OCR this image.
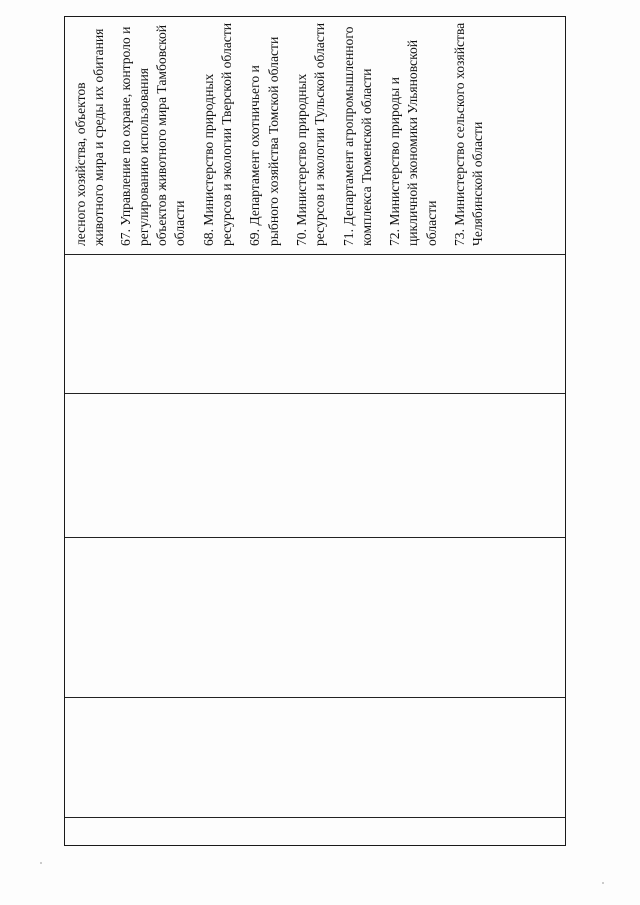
лесного хозяйства, объектов животного мира и среды их обитания 67. Управление по охране, контроло и регулированию использования объектов животного мира Тамбовской области 68. Министерство природных ресурсов и экологии Тверской области 69. Департамент охотничьего и рыбного хозяйства Томской области 70. Министерство природных ресурсов и экологии Тульской области 71. Департамент агропромышленного комплекса Тюменской области 72. Министерство природы и цикличной экономики Ульяновской области 73. Министерство сельского хозяйства Челябинской области
